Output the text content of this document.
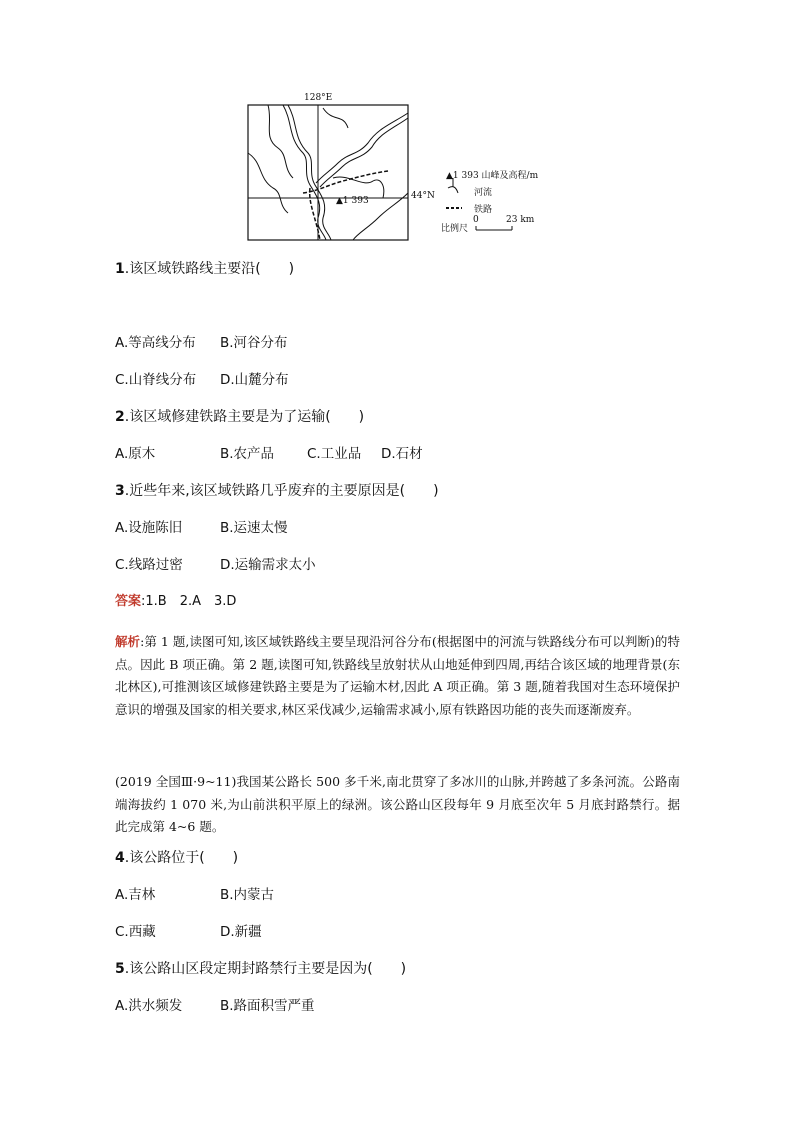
128°E
44°N
▲1 393
▲1 393 山峰及高程/m
河流
铁路
比例尺
0	23 km
1.该区域铁路线主要沿(　　)
A.等高线分布 B.河谷分布
C.山脊线分布 D.山麓分布
2.该区域修建铁路主要是为了运输(　　)
A.原木	B.农产品 C.工业品 D.石材
3.近些年来,该区域铁路几乎废弃的主要原因是(　　)
A.设施陈旧	B.运速太慢
C.线路过密	D.运输需求太小
答案:1.B　2.A　3.D
解析:第 1 题,读图可知,该区域铁路线主要呈现沿河谷分布(根据图中的河流与铁路线分布可以判断)的特点。因此 B 项正确。第 2 题,读图可知,铁路线呈放射状从山地延伸到四周,再结合该区域的地理背景(东北林区),可推测该区域修建铁路主要是为了运输木材,因此 A 项正确。第 3 题,随着我国对生态环境保护意识的增强及国家的相关要求,林区采伐减少,运输需求减小,原有铁路因功能的丧失而逐渐废弃。
(2019 全国Ⅲ·9~11)我国某公路长 500 多千米,南北贯穿了多冰川的山脉,并跨越了多条河流。公路南端海拔约 1 070 米,为山前洪积平原上的绿洲。该公路山区段每年 9 月底至次年 5 月底封路禁行。据此完成第 4~6 题。
4.该公路位于(　　)
A.吉林	B.内蒙古
C.西藏	D.新疆
5.该公路山区段定期封路禁行主要是因为(　　)
A.洪水频发	B.路面积雪严重
